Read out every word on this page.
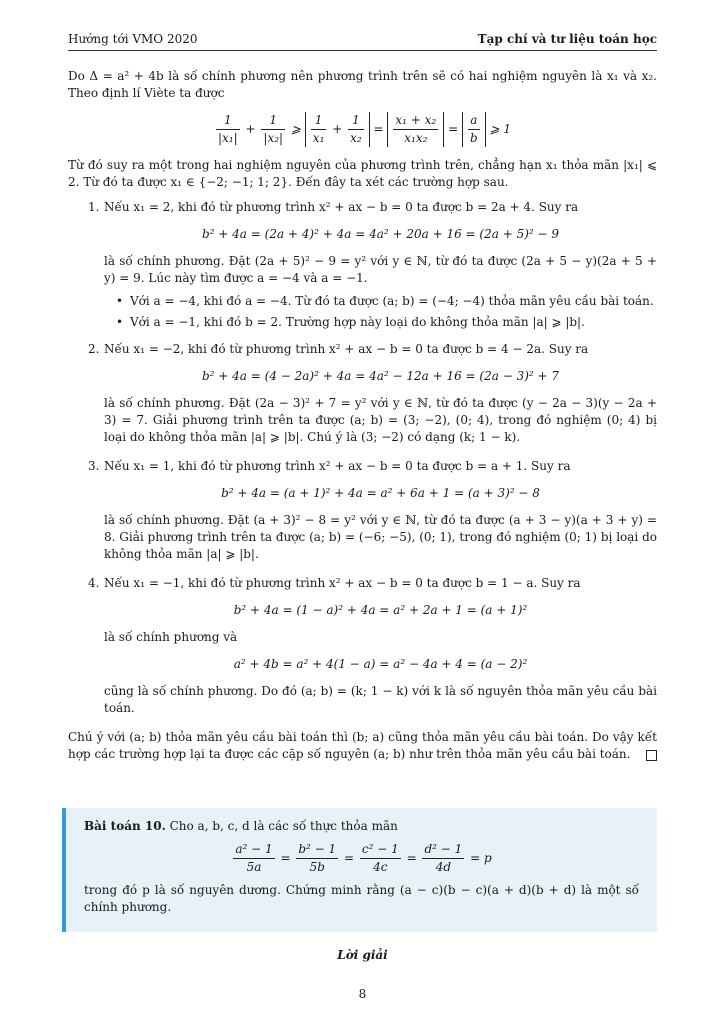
Hướng tới VMO 2020	Tạp chí và tư liệu toán học

Do Δ = a² + 4b là số chính phương nên phương trình trên sẽ có hai nghiệm nguyên là x₁ và x₂. Theo định lí Viète ta được

$\frac{1}{\text{|x₁|}} + \frac{1}{\text{|x₂|}}$ ⩾ $\frac{1}{\text{x₁}} + \frac{1}{\text{x₂}} = \frac{\text{x₁ + x₂}}{\text{x₁x₂}} = \frac{a}{b}$ ⩾ 1

Từ đó suy ra một trong hai nghiệm nguyên của phương trình trên, chẳng hạn x₁ thỏa mãn |x₁| ⩽ 2. Từ đó ta được x₁ ∈ {−2; −1; 1; 2}. Đến đây ta xét các trường hợp sau.

1. Nếu x₁ = 2, khi đó từ phương trình x² + ax − b = 0 ta được b = 2a + 4. Suy ra

b² + 4a = (2a + 4)² + 4a = 4a² + 20a + 16 = (2a + 5)² − 9

là số chính phương. Đặt (2a + 5)² − 9 = y² với y ∈ ℕ, từ đó ta được (2a + 5 − y)(2a + 5 + y) = 9. Lúc này tìm được a = −4 và a = −1.

• Với a = −4, khi đó a = −4. Từ đó ta được (a; b) = (−4; −4) thỏa mãn yêu cầu bài toán.
• Với a = −1, khi đó b = 2. Trường hợp này loại do không thỏa mãn |a| ⩾ |b|.
2. Nếu x₁ = −2, khi đó từ phương trình x² + ax − b = 0 ta được b = 4 − 2a. Suy ra

b² + 4a = (4 − 2a)² + 4a = 4a² − 12a + 16 = (2a − 3)² + 7

là số chính phương. Đặt (2a − 3)² + 7 = y² với y ∈ ℕ, từ đó ta được (y − 2a − 3)(y − 2a + 3) = 7. Giải phương trình trên ta được (a; b) = (3; −2), (0; 4), trong đó nghiệm (0; 4) bị loại do không thỏa mãn |a| ⩾ |b|. Chú ý là (3; −2) có dạng (k; 1 − k).

3. Nếu x₁ = 1, khi đó từ phương trình x² + ax − b = 0 ta được b = a + 1. Suy ra

b² + 4a = (a + 1)² + 4a = a² + 6a + 1 = (a + 3)² − 8

là số chính phương. Đặt (a + 3)² − 8 = y² với y ∈ ℕ, từ đó ta được (a + 3 − y)(a + 3 + y) = 8. Giải phương trình trên ta được (a; b) = (−6; −5), (0; 1), trong đó nghiệm (0; 1) bị loại do không thỏa mãn |a| ⩾ |b|.

4. Nếu x₁ = −1, khi đó từ phương trình x² + ax − b = 0 ta được b = 1 − a. Suy ra

b² + 4a = (1 − a)² + 4a = a² + 2a + 1 = (a + 1)²

là số chính phương và

a² + 4b = a² + 4(1 − a) = a² − 4a + 4 = (a − 2)²

cũng là số chính phương. Do đó (a; b) = (k; 1 − k) với k là số nguyên thỏa mãn yêu cầu bài toán.

Chú ý với (a; b) thỏa mãn yêu cầu bài toán thì (b; a) cũng thỏa mãn yêu cầu bài toán. Do vậy kết hợp các trường hợp lại ta được các cặp số nguyên (a; b) như trên thỏa mãn yêu cầu bài toán.

Bài toán 10. Cho a, b, c, d là các số thực thỏa mãn

$\frac{\text{a² − 1}}{5a} = \frac{\text{b² − 1}}{5b} = \frac{\text{c² − 1}}{4c} = \frac{\text{d² − 1}}{4d} = p$

trong đó p là số nguyên dương. Chứng minh rằng (a − c)(b − c)(a + d)(b + d) là một số chính phương.

Lời giải
8
